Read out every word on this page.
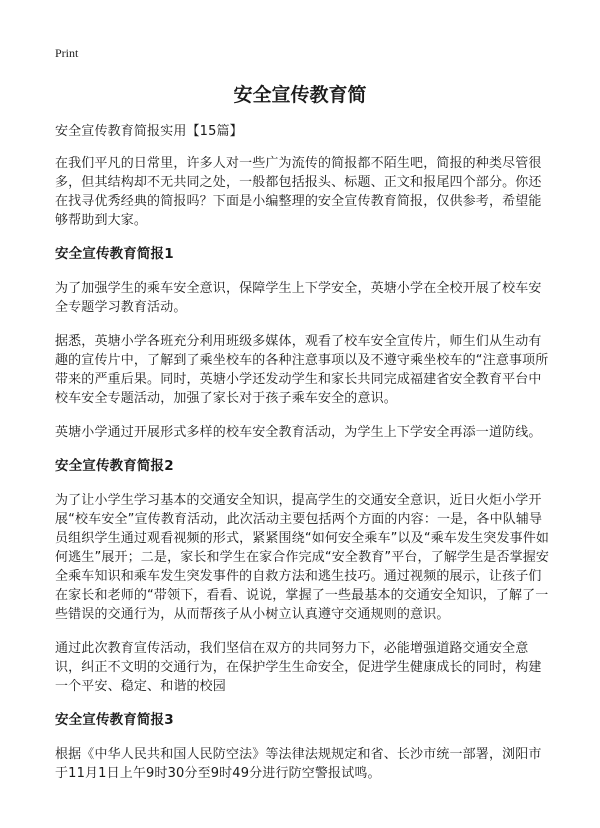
Print
安全宣传教育简

安全宣传教育简报实用【15篇】

在我们平凡的日常里，许多人对一些广为流传的简报都不陌生吧，简报的种类尽管很多，但其结构却不无共同之处，一般都包括报头、标题、正文和报尾四个部分。你还在找寻优秀经典的简报吗？下面是小编整理的安全宣传教育简报，仅供参考，希望能够帮助到大家。

安全宣传教育简报1

为了加强学生的乘车安全意识，保障学生上下学安全，英塘小学在全校开展了校车安全专题学习教育活动。

据悉，英塘小学各班充分利用班级多媒体，观看了校车安全宣传片，师生们从生动有趣的宣传片中，了解到了乘坐校车的各种注意事项以及不遵守乘坐校车的“注意事项所带来的严重后果。同时，英塘小学还发动学生和家长共同完成福建省安全教育平台中校车安全专题活动，加强了家长对于孩子乘车安全的意识。

英塘小学通过开展形式多样的校车安全教育活动，为学生上下学安全再添一道防线。

安全宣传教育简报2

为了让小学生学习基本的交通安全知识，提高学生的交通安全意识，近日火炬小学开展“校车安全”宣传教育活动，此次活动主要包括两个方面的内容：一是，各中队辅导员组织学生通过观看视频的形式，紧紧围绕“如何安全乘车”以及“乘车发生突发事件如何逃生”展开；二是，家长和学生在家合作完成“安全教育”平台，了解学生是否掌握安全乘车知识和乘车发生突发事件的自救方法和逃生技巧。通过视频的展示，让孩子们在家长和老师的“带领下，看看、说说，掌握了一些最基本的交通安全知识，了解了一些错误的交通行为，从而帮孩子从小树立认真遵守交通规则的意识。

通过此次教育宣传活动，我们坚信在双方的共同努力下，必能增强道路交通安全意识，纠正不文明的交通行为，在保护学生生命安全，促进学生健康成长的同时，构建一个平安、稳定、和谐的校园

安全宣传教育简报3

根据《中华人民共和国人民防空法》等法律法规规定和省、长沙市统一部署，浏阳市于11月1日上午9时30分至9时49分进行防空警报试鸣。
